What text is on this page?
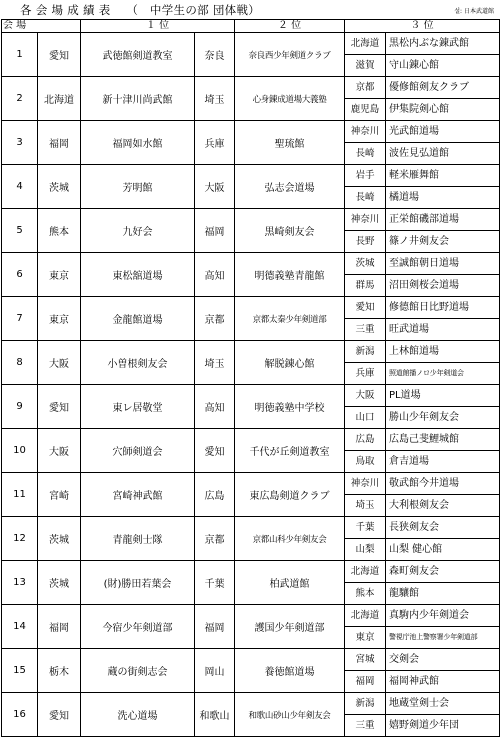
各 会 場 成 績 表　 （　中学生の部 団体戦）	설: 日本武道館
会 場		１ 位		２ 位	３ 位
1	愛知	武徳館剣道教室	奈良	奈良西少年剣道クラブ	北海道 黒松内ぶな錬武館
滋賀 守山錬心館

2	北海道	新十津川尚武館	埼玉	心身錬成道場大義塾	京都 優修館剣友クラブ
鹿児島 伊集院剣心館

3	福岡	福岡如水館	兵庫	聖琉館	神奈川 光武館道場
長崎 波佐見弘道館

4	茨城	芳明館	大阪	弘志会道場	岩手 軽米雁舞館
長崎 橘道場

5	熊本	九好会	福岡	黒崎剣友会	神奈川 正栄館磯部道場
長野 篠ノ井剣友会

6	東京	東松舘道場	高知	明德義塾青龍館	茨城 至誠館朝日道場
群馬 沼田剣桜会道場

7	東京	金龍館道場	京都	京都太秦少年剣道部	愛知 修德館日比野道場
三重 旺武道場

8	大阪	小曽根剣友会	埼玉	解脱錬心館	新潟 上林館道場
兵庫 照道館播ノロ少年剣道会

9	愛知	東レ居敬堂	高知	明徳義塾中学校	大阪 PL道場
山口 勝山少年剣友会

10	大阪	穴師剣道会	愛知	千代が丘剣道教室	広島 広島己斐鯉城館
鳥取 倉吉道場

11	宮崎	宮崎神武館	広島	東広島剣道クラブ	神奈川 敬武館今井道場
埼玉 大利根剣友会

12	茨城	青龍剣士隊	京都	京都山科少年剣友会	千葉 長狭剣友会
山梨 山梨 健心館

13	茨城	(財)勝田若葉会	千葉	柏武道館	北海道 森町剣友会
熊本 龍驤館

14	福岡	今宿少年剣道部	福岡	護国少年剣道部	北海道 真駒内少年剣道会
東京 警視庁池上警察署少年剣道部

15	栃木	蔵の街剣志会	岡山	養徳館道場	宮城 交剣会
福岡 福岡神武館

16	愛知	洗心道場	和歌山	和歌山砂山少年剣友会	新潟 地蔵堂剣士会
三重 嬉野剣道少年団
